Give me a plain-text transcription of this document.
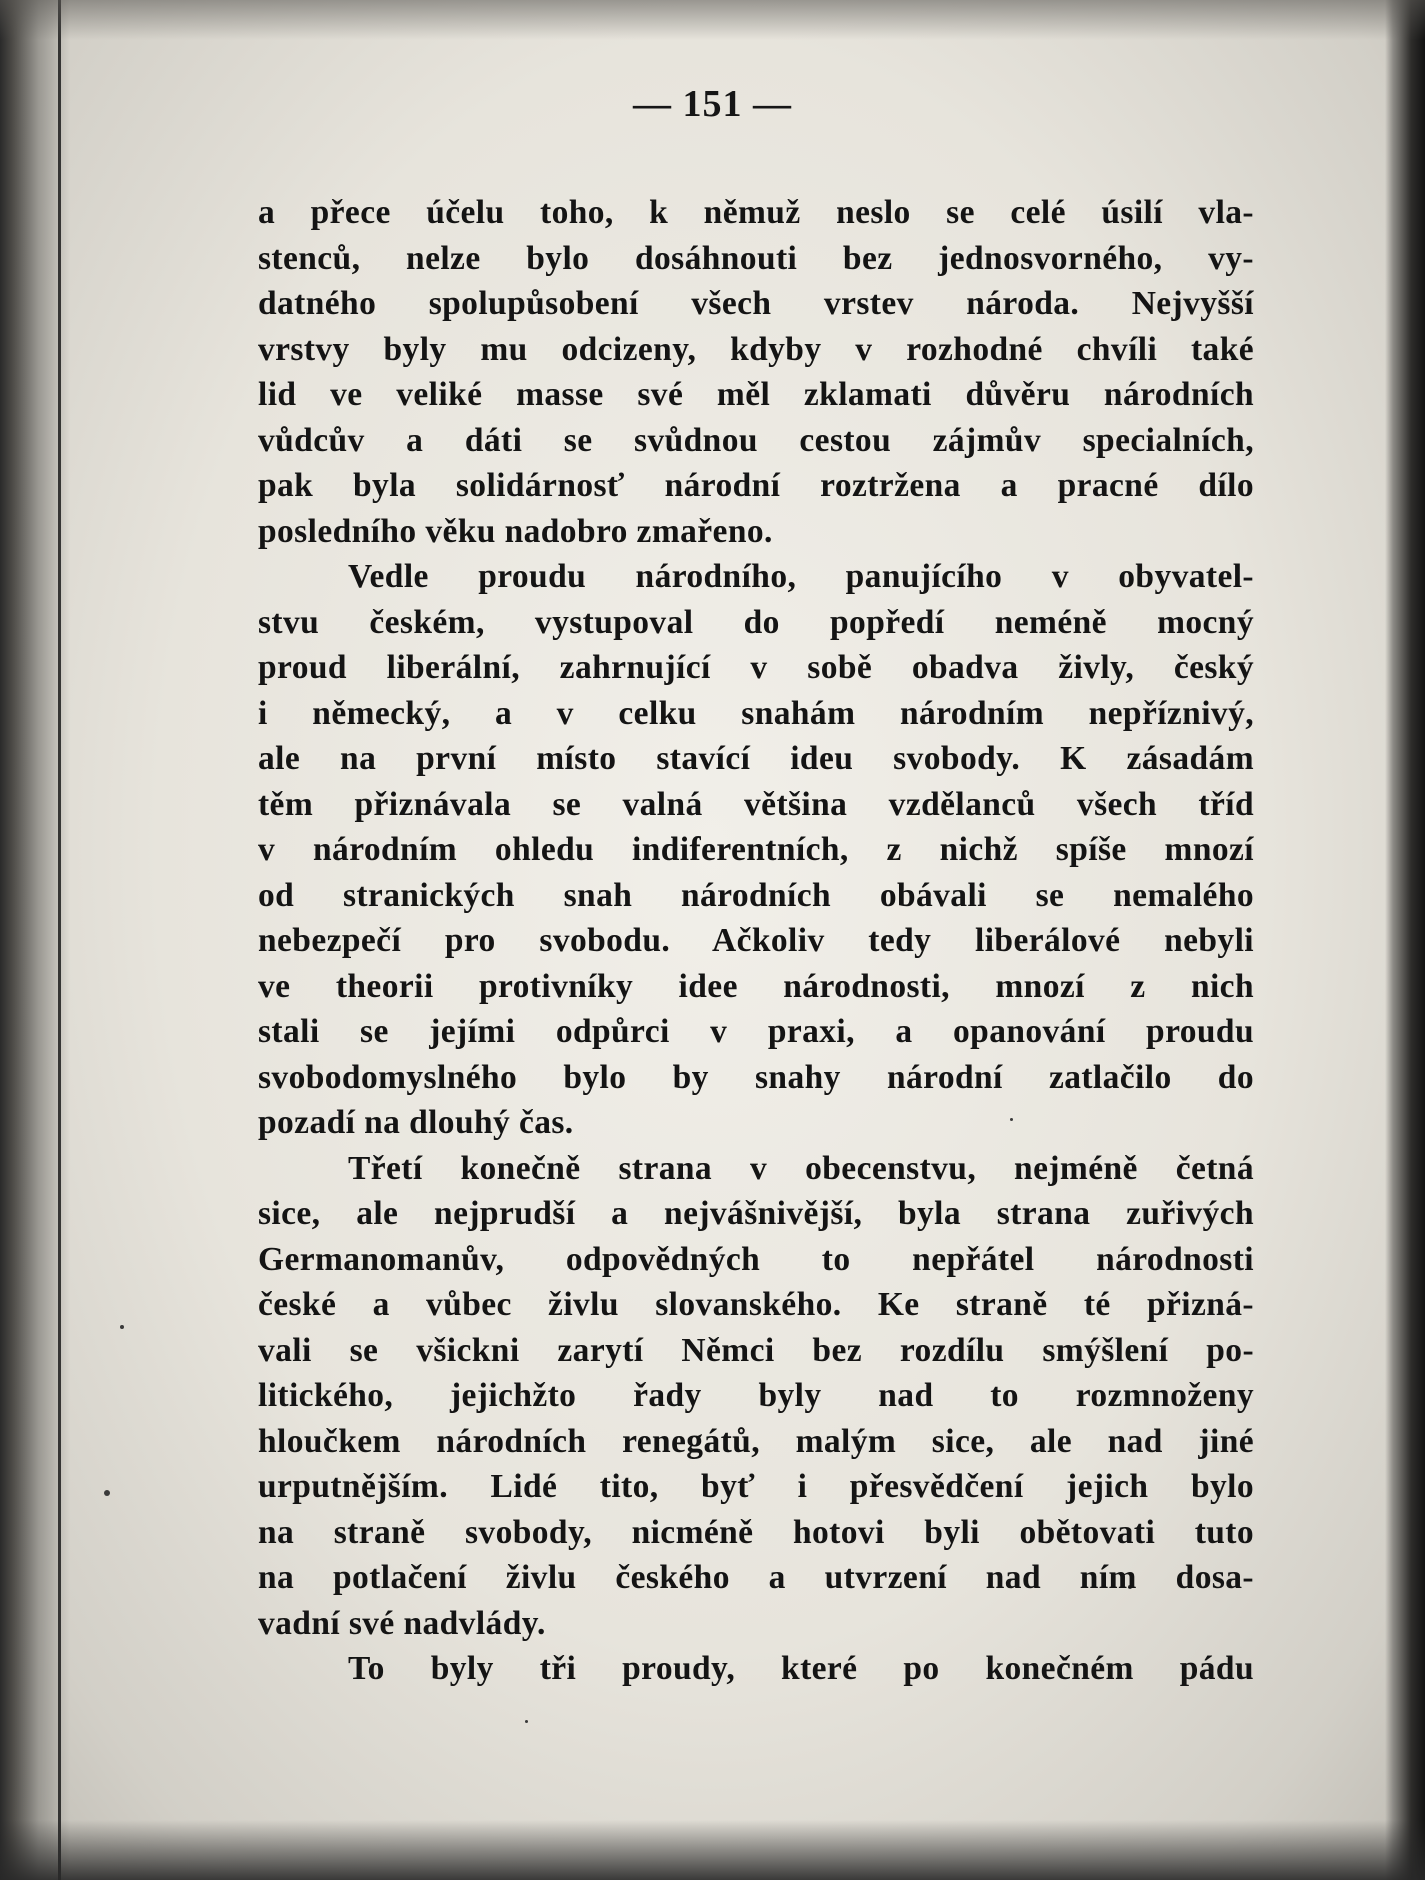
— 151 —
a přece účelu toho, k němuž neslo se celé úsilí vla-
stenců, nelze bylo dosáhnouti bez jednosvorného, vy-
datného spolupůsobení všech vrstev národa. Nejvyšší
vrstvy byly mu odcizeny, kdyby v rozhodné chvíli také
lid ve veliké masse své měl zklamati důvěru národních
vůdcův a dáti se svůdnou cestou zájmův specialních,
pak byla solidárnosť národní roztržena a pracné dílo
posledního věku nadobro zmařeno.
Vedle proudu národního, panujícího v obyvatel-
stvu českém, vystupoval do popředí neméně mocný
proud liberální, zahrnující v sobě obadva živly, český
i německý, a v celku snahám národním nepříznivý,
ale na první místo stavící ideu svobody. K zásadám
těm přiznávala se valná většina vzdělanců všech tříd
v národním ohledu indiferentních, z nichž spíše mnozí
od stranických snah národních obávali se nemalého
nebezpečí pro svobodu. Ačkoliv tedy liberálové nebyli
ve theorii protivníky idee národnosti, mnozí z nich
stali se jejími odpůrci v praxi, a opanování proudu
svobodomyslného bylo by snahy národní zatlačilo do
pozadí na dlouhý čas.
Třetí konečně strana v obecenstvu, nejméně četná
sice, ale nejprudší a nejvášnivější, byla strana zuřivých
Germanomanův, odpovědných to nepřátel národnosti
české a vůbec živlu slovanského. Ke straně té přizná-
vali se všickni zarytí Němci bez rozdílu smýšlení po-
litického, jejichžto řady byly nad to rozmnoženy
hloučkem národních renegátů, malým sice, ale nad jiné
urputnějším. Lidé tito, byť i přesvědčení jejich bylo
na straně svobody, nicméně hotovi byli obětovati tuto
na potlačení živlu českého a utvrzení nad ním dosa-
vadní své nadvlády.
To byly tři proudy, které po konečném pádu
